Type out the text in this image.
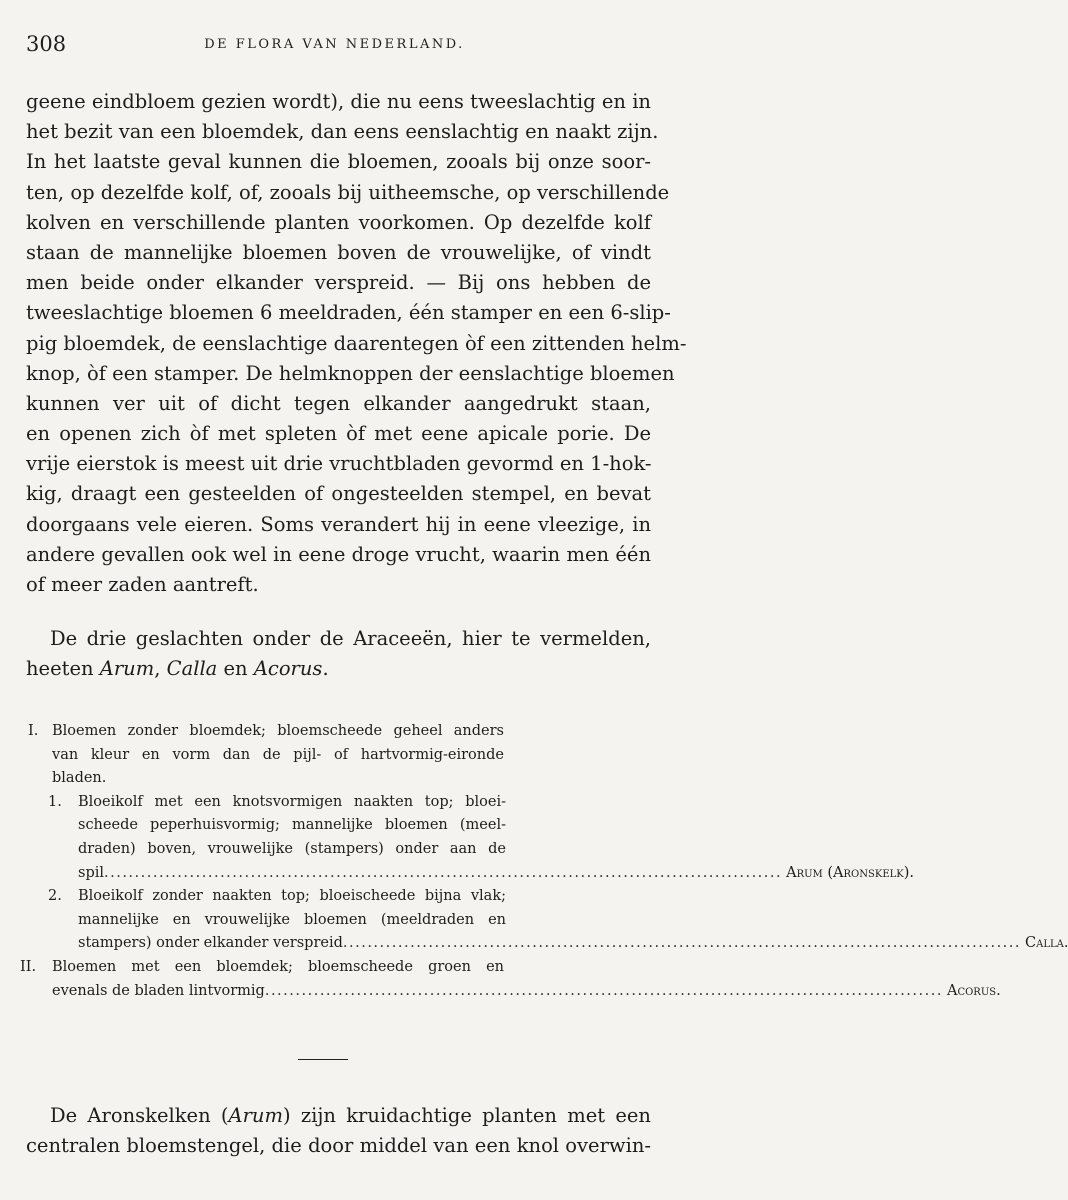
308	DE FLORA VAN NEDERLAND.
geene eindbloem gezien wordt), die nu eens tweeslachtig en in
het bezit van een bloemdek, dan eens eenslachtig en naakt zijn.
In het laatste geval kunnen die bloemen, zooals bij onze soor-
ten, op dezelfde kolf, of, zooals bij uitheemsche, op verschillende
kolven en verschillende planten voorkomen. Op dezelfde kolf
staan de mannelijke bloemen boven de vrouwelijke, of vindt
men beide onder elkander verspreid. — Bij ons hebben de
tweeslachtige bloemen 6 meeldraden, één stamper en een 6-slip-
pig bloemdek, de eenslachtige daarentegen òf een zittenden helm-
knop, òf een stamper. De helmknoppen der eenslachtige bloemen
kunnen ver uit of dicht tegen elkander aangedrukt staan,
en openen zich òf met spleten òf met eene apicale porie. De
vrije eierstok is meest uit drie vruchtbladen gevormd en 1-hok-
kig, draagt een gesteelden of ongesteelden stempel, en bevat
doorgaans vele eieren. Soms verandert hij in eene vleezige, in
andere gevallen ook wel in eene droge vrucht, waarin men één
of meer zaden aantreft.
De drie geslachten onder de Araceeën, hier te vermelden,
heeten Arum, Calla en Acorus.
I. Bloemen zonder bloemdek; bloemscheede geheel anders
van kleur en vorm dan de pijl- of hartvormig-eironde
bladen.
1. Bloeikolf met een knotsvormigen naakten top; bloei-
scheede peperhuisvormig; mannelijke bloemen (meel-
draden) boven, vrouwelijke (stampers) onder aan de
spil ............................................................................................................... Arum (Aronskelk).
2. Bloeikolf zonder naakten top; bloeischeede bijna vlak;
mannelijke en vrouwelijke bloemen (meeldraden en
stampers) onder elkander verspreid ............................................................................................................... Calla.
II. Bloemen met een bloemdek; bloemscheede groen en
evenals de bladen lintvormig ............................................................................................................... Acorus.
De Aronskelken (Arum) zijn kruidachtige planten met een
centralen bloemstengel, die door middel van een knol overwin-
